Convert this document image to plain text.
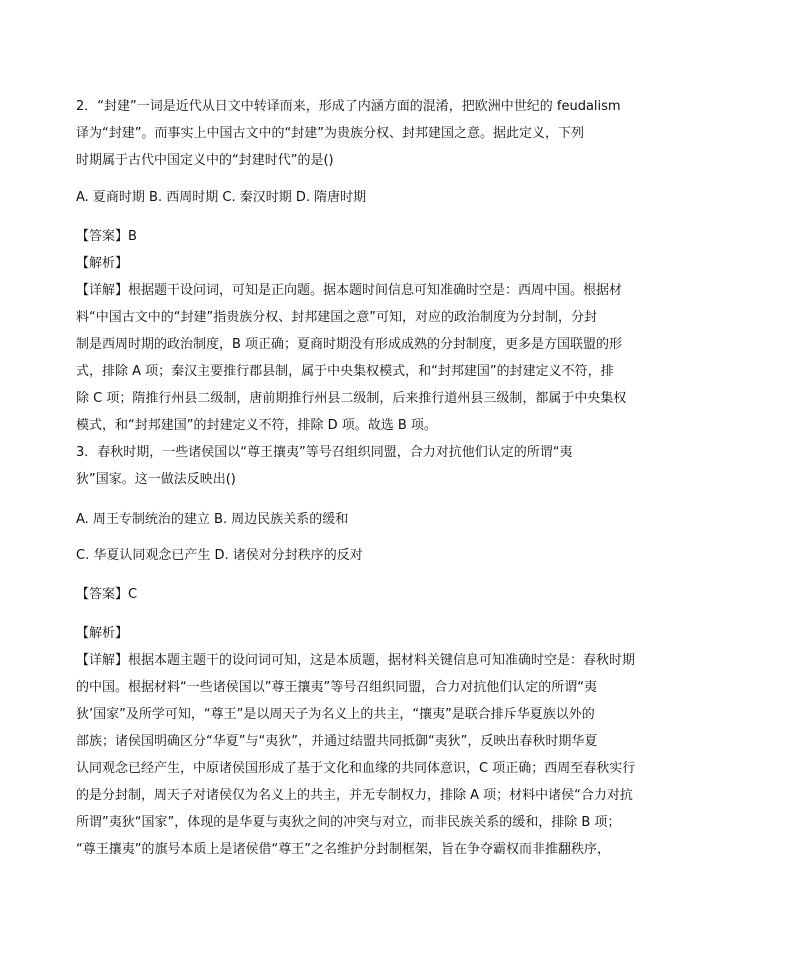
2．“封建”一词是近代从日文中转译而来，形成了内涵方面的混淆，把欧洲中世纪的 feudalism
译为“封建”。而事实上中国古文中的“封建”为贵族分权、封邦建国之意。据此定义，下列
时期属于古代中国定义中的“封建时代”的是()
A. 夏商时期 B. 西周时期 C. 秦汉时期 D. 隋唐时期
【答案】B
【解析】
【详解】根据题干设问词，可知是正向题。据本题时间信息可知准确时空是：西周中国。根据材
料“中国古文中的“封建”指贵族分权、封邦建国之意”可知，对应的政治制度为分封制，分封
制是西周时期的政治制度，B 项正确；夏商时期没有形成成熟的分封制度，更多是方国联盟的形
式，排除 A 项；秦汉主要推行郡县制，属于中央集权模式，和“封邦建国”的封建定义不符，排
除 C 项；隋推行州县二级制，唐前期推行州县二级制，后来推行道州县三级制，都属于中央集权
模式，和“封邦建国”的封建定义不符，排除 D 项。故选 B 项。
3．春秋时期，一些诸侯国以“尊王攘夷”等号召组织同盟，合力对抗他们认定的所谓“夷
狄”国家。这一做法反映出()
A. 周王专制统治的建立 B. 周边民族关系的缓和
C. 华夏认同观念已产生 D. 诸侯对分封秩序的反对
【答案】C
【解析】
【详解】根据本题主题干的设问词可知，这是本质题，据材料关键信息可知准确时空是：春秋时期
的中国。根据材料“一些诸侯国以”尊王攘夷”等号召组织同盟，合力对抗他们认定的所谓“夷
狄’国家”及所学可知，“尊王”是以周天子为名义上的共主，“攘夷”是联合排斥华夏族以外的
部族；诸侯国明确区分“华夏”与“夷狄”，并通过结盟共同抵御“夷狄”，反映出春秋时期华夏
认同观念已经产生，中原诸侯国形成了基于文化和血缘的共同体意识，C 项正确；西周至春秋实行
的是分封制，周天子对诸侯仅为名义上的共主，并无专制权力，排除 A 项；材料中诸侯“合力对抗
所谓”夷狄“国家”，体现的是华夏与夷狄之间的冲突与对立，而非民族关系的缓和，排除 B 项；
“尊王攘夷”的旗号本质上是诸侯借“尊王”之名维护分封制框架，旨在争夺霸权而非推翻秩序，
